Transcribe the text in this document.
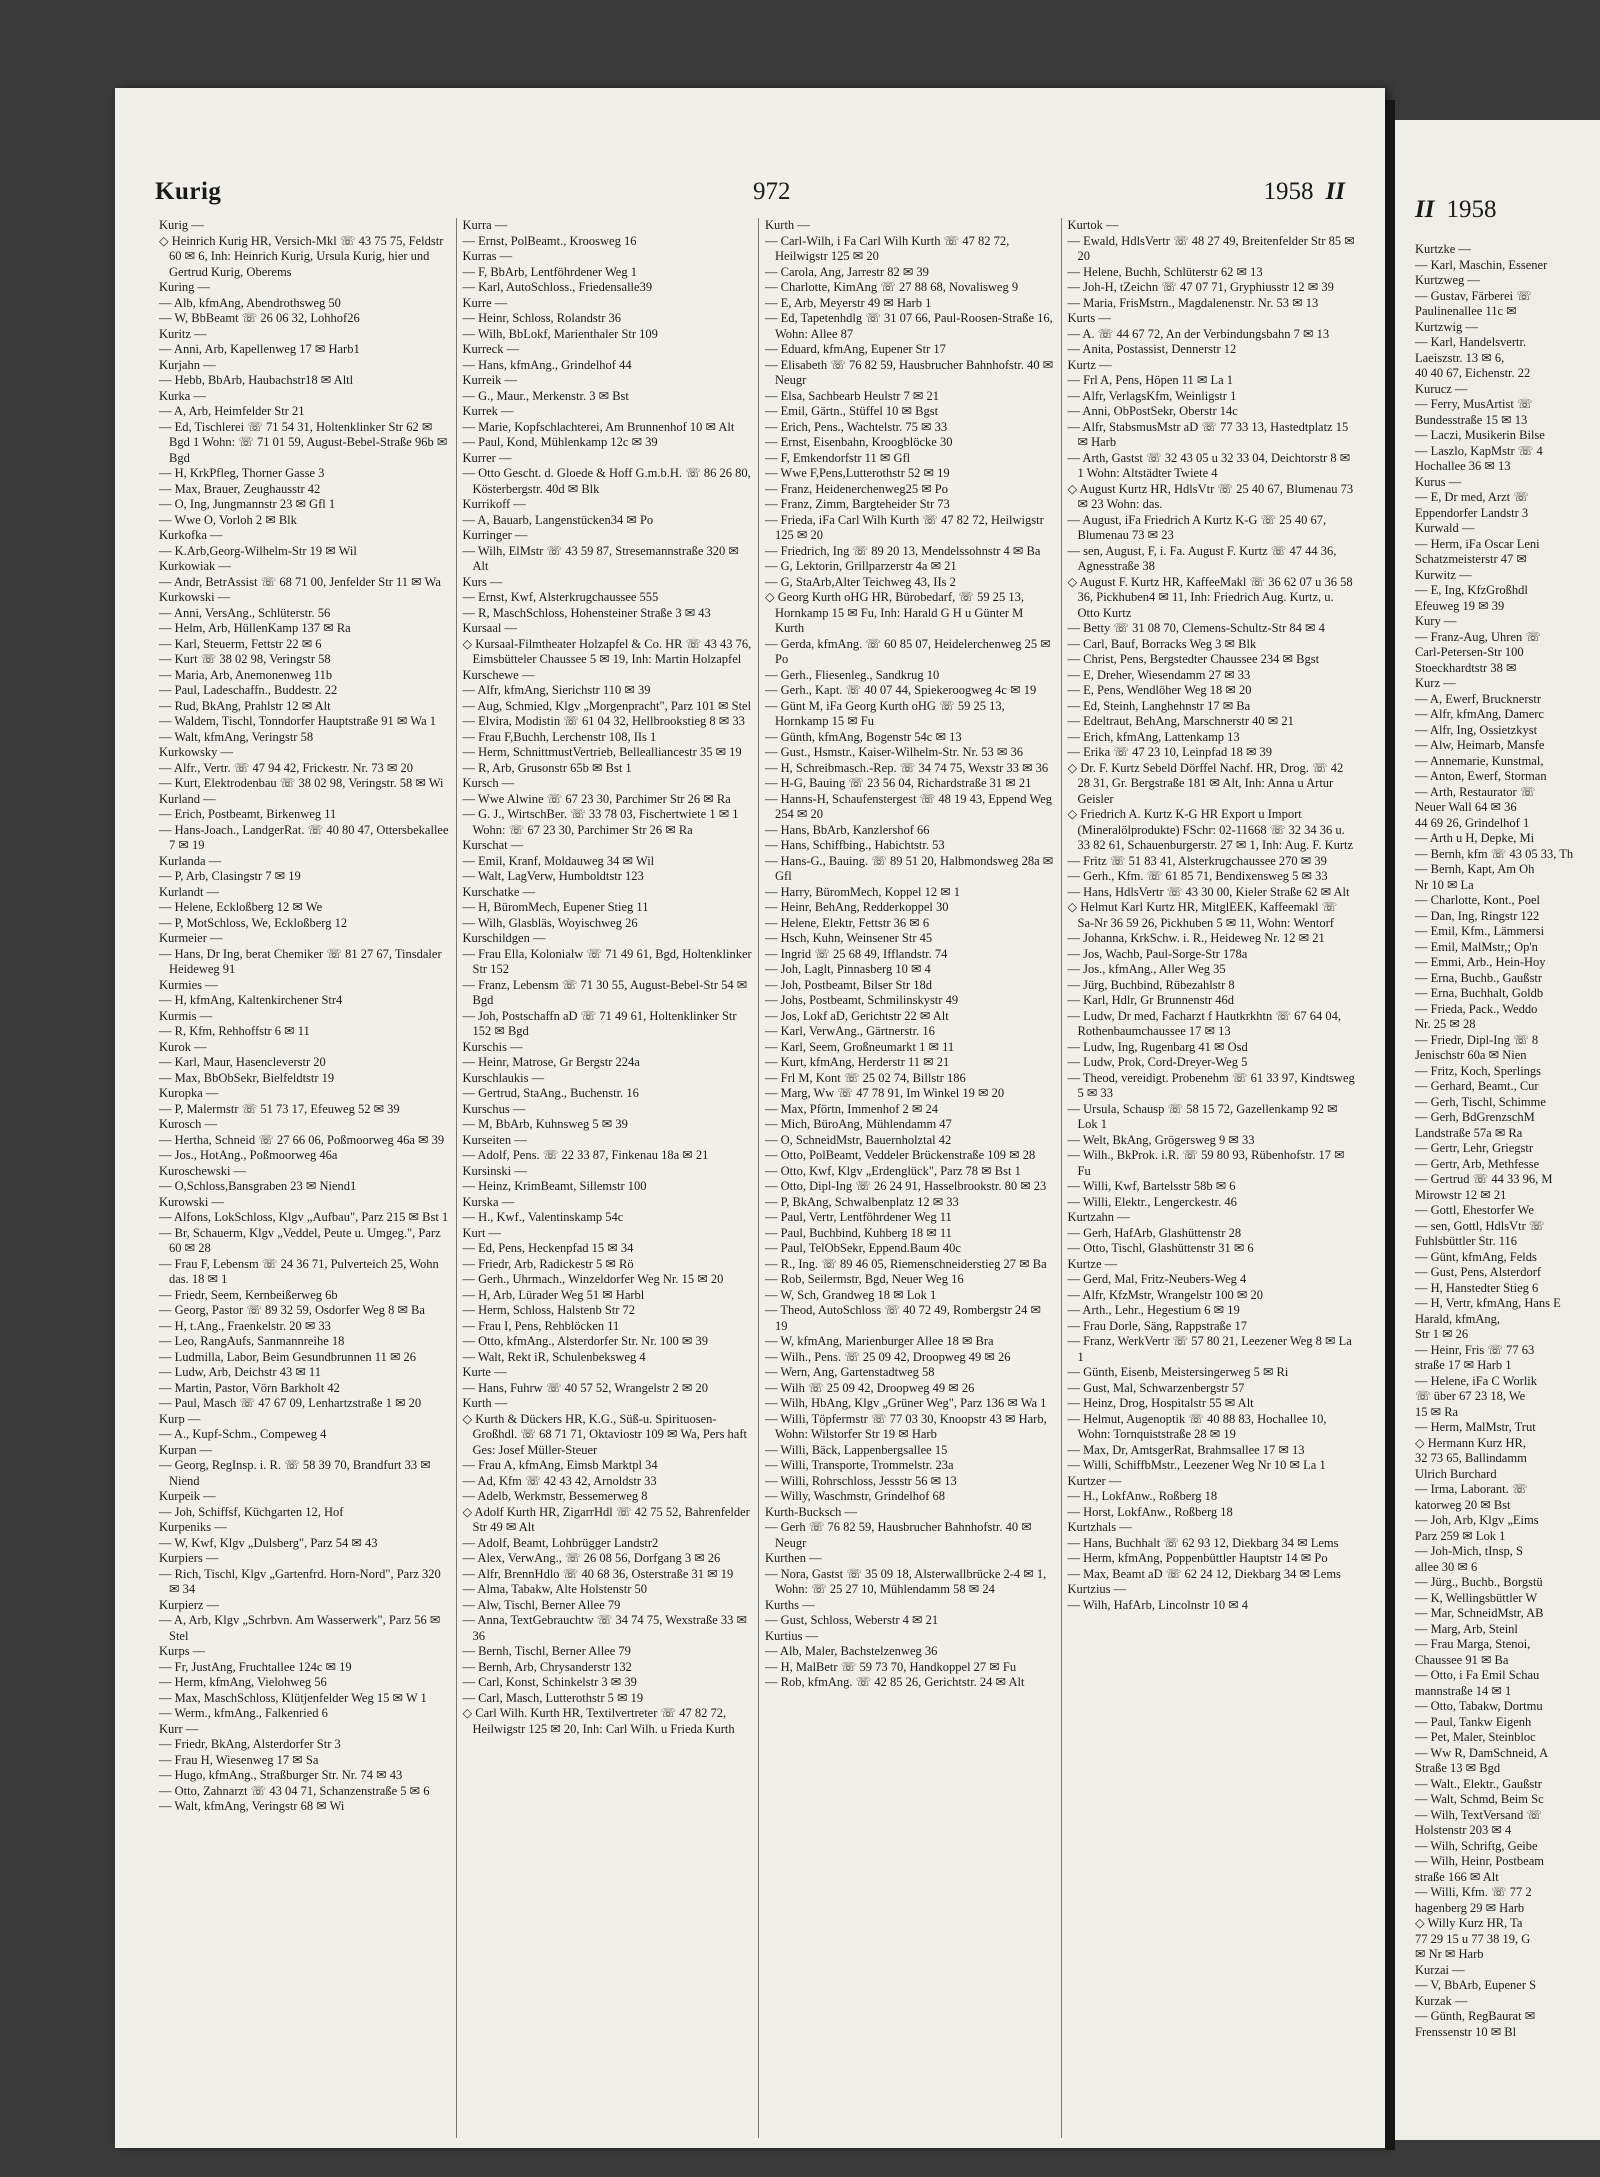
Kurig	972	1958 II

Kurig —

◇ Heinrich Kurig HR, Versich-Mkl ☏ 43 75 75, Feldstr 60 ✉ 6, Inh: Heinrich Kurig, Ursula Kurig, hier und Gertrud Kurig, Oberems

Kuring —

— Alb, kfmAng, Abendrothsweg 50

— W, BbBeamt ☏ 26 06 32, Lohhof26

Kuritz —

— Anni, Arb, Kapellenweg 17 ✉ Harb1

Kurjahn —

— Hebb, BbArb, Haubachstr18 ✉ Altl

Kurka —

— A, Arb, Heimfelder Str 21

— Ed, Tischlerei ☏ 71 54 31, Holtenklinker Str 62 ✉ Bgd 1 Wohn: ☏ 71 01 59, August-Bebel-Straße 96b ✉ Bgd

— H, KrkPfleg, Thorner Gasse 3

— Max, Brauer, Zeughausstr 42

— O, Ing, Jungmannstr 23 ✉ Gfl 1

— Wwe O, Vorloh 2 ✉ Blk

Kurkofka —

— K.Arb,Georg-Wilhelm-Str 19 ✉ Wil

Kurkowiak —

— Andr, BetrAssist ☏ 68 71 00, Jenfelder Str 11 ✉ Wa

Kurkowski —

— Anni, VersAng., Schlüterstr. 56

— Helm, Arb, HüllenKamp 137 ✉ Ra

— Karl, Steuerm, Fettstr 22 ✉ 6

— Kurt ☏ 38 02 98, Veringstr 58

— Maria, Arb, Anemonenweg 11b

— Paul, Ladeschaffn., Buddestr. 22

— Rud, BkAng, Prahlstr 12 ✉ Alt

— Waldem, Tischl, Tonndorfer Hauptstraße 91 ✉ Wa 1

— Walt, kfmAng, Veringstr 58

Kurkowsky —

— Alfr., Vertr. ☏ 47 94 42, Frickestr. Nr. 73 ✉ 20

— Kurt, Elektrodenbau ☏ 38 02 98, Veringstr. 58 ✉ Wi

Kurland —

— Erich, Postbeamt, Birkenweg 11

— Hans-Joach., LandgerRat. ☏ 40 80 47, Ottersbekallee 7 ✉ 19

Kurlanda —

— P, Arb, Clasingstr 7 ✉ 19

Kurlandt —

— Helene, Eckloßberg 12 ✉ We

— P, MotSchloss, We, Eckloßberg 12

Kurmeier —

— Hans, Dr Ing, berat Chemiker ☏ 81 27 67, Tinsdaler Heideweg 91

Kurmies —

— H, kfmAng, Kaltenkirchener Str4

Kurmis —

— R, Kfm, Rehhoffstr 6 ✉ 11

Kurok —

— Karl, Maur, Hasencleverstr 20

— Max, BbObSekr, Bielfeldtstr 19

Kuropka —

— P, Malermstr ☏ 51 73 17, Efeuweg 52 ✉ 39

Kurosch —

— Hertha, Schneid ☏ 27 66 06, Poßmoorweg 46a ✉ 39

— Jos., HotAng., Poßmoorweg 46a

Kuroschewski —

— O,Schloss,Bansgraben 23 ✉ Niend1

Kurowski —

— Alfons, LokSchloss, Klgv „Aufbau", Parz 215 ✉ Bst 1

— Br, Schauerm, Klgv „Veddel, Peute u. Umgeg.", Parz 60 ✉ 28

— Frau F, Lebensm ☏ 24 36 71, Pulverteich 25, Wohn das. 18 ✉ 1

— Friedr, Seem, Kernbeißerweg 6b

— Georg, Pastor ☏ 89 32 59, Osdorfer Weg 8 ✉ Ba

— H, t.Ang., Fraenkelstr. 20 ✉ 33

— Leo, RangAufs, Sanmannreihe 18

— Ludmilla, Labor, Beim Gesundbrunnen 11 ✉ 26

— Ludw, Arb, Deichstr 43 ✉ 11

— Martin, Pastor, Vörn Barkholt 42

— Paul, Masch ☏ 47 67 09, Lenhartzstraße 1 ✉ 20

Kurp —

— A., Kupf-Schm., Compeweg 4

Kurpan —

— Georg, RegInsp. i. R. ☏ 58 39 70, Brandfurt 33 ✉ Niend

Kurpeik —

— Joh, Schiffsf, Küchgarten 12, Hof

Kurpeniks —

— W, Kwf, Klgv „Dulsberg", Parz 54 ✉ 43

Kurpiers —

— Rich, Tischl, Klgv „Gartenfrd. Horn-Nord", Parz 320 ✉ 34

Kurpierz —

— A, Arb, Klgv „Schrbvn. Am Wasserwerk", Parz 56 ✉ Stel

Kurps —

— Fr, JustAng, Fruchtallee 124c ✉ 19

— Herm, kfmAng, Vielohweg 56

— Max, MaschSchloss, Klütjenfelder Weg 15 ✉ W 1

— Werm., kfmAng., Falkenried 6

Kurr —

— Friedr, BkAng, Alsterdorfer Str 3

— Frau H, Wiesenweg 17 ✉ Sa

— Hugo, kfmAng., Straßburger Str. Nr. 74 ✉ 43

— Otto, Zahnarzt ☏ 43 04 71, Schanzenstraße 5 ✉ 6

— Walt, kfmAng, Veringstr 68 ✉ Wi

Kurra —

— Ernst, PolBeamt., Kroosweg 16

Kurras —

— F, BbArb, Lentföhrdener Weg 1

— Karl, AutoSchloss., Friedensalle39

Kurre —

— Heinr, Schloss, Rolandstr 36

— Wilh, BbLokf, Marienthaler Str 109

Kurreck —

— Hans, kfmAng., Grindelhof 44

Kurreik —

— G., Maur., Merkenstr. 3 ✉ Bst

Kurrek —

— Marie, Kopfschlachterei, Am Brunnenhof 10 ✉ Alt

— Paul, Kond, Mühlenkamp 12c ✉ 39

Kurrer —

— Otto Gescht. d. Gloede & Hoff G.m.b.H. ☏ 86 26 80, Kösterbergstr. 40d ✉ Blk

Kurrikoff —

— A, Bauarb, Langenstücken34 ✉ Po

Kurringer —

— Wilh, ElMstr ☏ 43 59 87, Stresemannstraße 320 ✉ Alt

Kurs —

— Ernst, Kwf, Alsterkrugchaussee 555

— R, MaschSchloss, Hohensteiner Straße 3 ✉ 43

Kursaal —

◇ Kursaal-Filmtheater Holzapfel & Co. HR ☏ 43 43 76, Eimsbütteler Chaussee 5 ✉ 19, Inh: Martin Holzapfel

Kurschewe —

— Alfr, kfmAng, Sierichstr 110 ✉ 39

— Aug, Schmied, Klgv „Morgenpracht", Parz 101 ✉ Stel

— Elvira, Modistin ☏ 61 04 32, Hellbrookstieg 8 ✉ 33

— Frau F,Buchh, Lerchenstr 108, IIs 1

— Herm, SchnittmustVertrieb, Bellealliancestr 35 ✉ 19

— R, Arb, Grusonstr 65b ✉ Bst 1

Kursch —

— Wwe Alwine ☏ 67 23 30, Parchimer Str 26 ✉ Ra

— G. J., WirtschBer. ☏ 33 78 03, Fischertwiete 1 ✉ 1 Wohn: ☏ 67 23 30, Parchimer Str 26 ✉ Ra

Kurschat —

— Emil, Kranf, Moldauweg 34 ✉ Wil

— Walt, LagVerw, Humboldtstr 123

Kurschatke —

— H, BüromMech, Eupener Stieg 11

— Wilh, Glasbläs, Woyischweg 26

Kurschildgen —

— Frau Ella, Kolonialw ☏ 71 49 61, Bgd, Holtenklinker Str 152

— Franz, Lebensm ☏ 71 30 55, August-Bebel-Str 54 ✉ Bgd

— Joh, Postschaffn aD ☏ 71 49 61, Holtenklinker Str 152 ✉ Bgd

Kurschis —

— Heinr, Matrose, Gr Bergstr 224a

Kurschlaukis —

— Gertrud, StaAng., Buchenstr. 16

Kurschus —

— M, BbArb, Kuhnsweg 5 ✉ 39

Kurseiten —

— Adolf, Pens. ☏ 22 33 87, Finkenau 18a ✉ 21

Kursinski —

— Heinz, KrimBeamt, Sillemstr 100

Kurska —

— H., Kwf., Valentinskamp 54c

Kurt —

— Ed, Pens, Heckenpfad 15 ✉ 34

— Friedr, Arb, Radickestr 5 ✉ Rö

— Gerh., Uhrmach., Winzeldorfer Weg Nr. 15 ✉ 20

— H, Arb, Lürader Weg 51 ✉ Harbl

— Herm, Schloss, Halstenb Str 72

— Frau I, Pens, Rehblöcken 11

— Otto, kfmAng., Alsterdorfer Str. Nr. 100 ✉ 39

— Walt, Rekt iR, Schulenbeksweg 4

Kurte —

— Hans, Fuhrw ☏ 40 57 52, Wrangelstr 2 ✉ 20

Kurth —

◇ Kurth & Dückers HR, K.G., Süß-u. Spirituosen-Großhdl. ☏ 68 71 71, Oktaviostr 109 ✉ Wa, Pers haft Ges: Josef Müller-Steuer

— Frau A, kfmAng, Eimsb Marktpl 34

— Ad, Kfm ☏ 42 43 42, Arnoldstr 33

— Adelb, Werkmstr, Bessemerweg 8

◇ Adolf Kurth HR, ZigarrHdl ☏ 42 75 52, Bahrenfelder Str 49 ✉ Alt

— Adolf, Beamt, Lohbrügger Landstr2

— Alex, VerwAng., ☏ 26 08 56, Dorfgang 3 ✉ 26

— Alfr, BrennHdlo ☏ 40 68 36, Osterstraße 31 ✉ 19

— Alma, Tabakw, Alte Holstenstr 50

— Alw, Tischl, Berner Allee 79

— Anna, TextGebrauchtw ☏ 34 74 75, Wexstraße 33 ✉ 36

— Bernh, Tischl, Berner Allee 79

— Bernh, Arb, Chrysanderstr 132

— Carl, Konst, Schinkelstr 3 ✉ 39

— Carl, Masch, Lutterothstr 5 ✉ 19

◇ Carl Wilh. Kurth HR, Textilvertreter ☏ 47 82 72, Heilwigstr 125 ✉ 20, Inh: Carl Wilh. u Frieda Kurth

Kurth —

— Carl-Wilh, i Fa Carl Wilh Kurth ☏ 47 82 72, Heilwigstr 125 ✉ 20

— Carola, Ang, Jarrestr 82 ✉ 39

— Charlotte, KimAng ☏ 27 88 68, Novalisweg 9

— E, Arb, Meyerstr 49 ✉ Harb 1

— Ed, Tapetenhdlg ☏ 31 07 66, Paul-Roosen-Straße 16, Wohn: Allee 87

— Eduard, kfmAng, Eupener Str 17

— Elisabeth ☏ 76 82 59, Hausbrucher Bahnhofstr. 40 ✉ Neugr

— Elsa, Sachbearb Heulstr 7 ✉ 21

— Emil, Gärtn., Stüffel 10 ✉ Bgst

— Erich, Pens., Wachtelstr. 75 ✉ 33

— Ernst, Eisenbahn, Kroogblöcke 30

— F, Emkendorfstr 11 ✉ Gfl

— Wwe F,Pens,Lutterothstr 52 ✉ 19

— Franz, Heidenerchenweg25 ✉ Po

— Franz, Zimm, Bargteheider Str 73

— Frieda, iFa Carl Wilh Kurth ☏ 47 82 72, Heilwigstr 125 ✉ 20

— Friedrich, Ing ☏ 89 20 13, Mendelssohnstr 4 ✉ Ba

— G, Lektorin, Grillparzerstr 4a ✉ 21

— G, StaArb,Alter Teichweg 43, IIs 2

◇ Georg Kurth oHG HR, Bürobedarf, ☏ 59 25 13, Hornkamp 15 ✉ Fu, Inh: Harald G H u Günter M Kurth

— Gerda, kfmAng. ☏ 60 85 07, Heidelerchenweg 25 ✉ Po

— Gerh., Fliesenleg., Sandkrug 10

— Gerh., Kapt. ☏ 40 07 44, Spiekeroogweg 4c ✉ 19

— Günt M, iFa Georg Kurth oHG ☏ 59 25 13, Hornkamp 15 ✉ Fu

— Günth, kfmAng, Bogenstr 54c ✉ 13

— Gust., Hsmstr., Kaiser-Wilhelm-Str. Nr. 53 ✉ 36

— H, Schreibmasch.-Rep. ☏ 34 74 75, Wexstr 33 ✉ 36

— H-G, Bauing ☏ 23 56 04, Richardstraße 31 ✉ 21

— Hanns-H, Schaufenstergest ☏ 48 19 43, Eppend Weg 254 ✉ 20

— Hans, BbArb, Kanzlershof 66

— Hans, Schiffbing., Habichtstr. 53

— Hans-G., Bauing. ☏ 89 51 20, Halbmondsweg 28a ✉ Gfl

— Harry, BüromMech, Koppel 12 ✉ 1

— Heinr, BehAng, Redderkoppel 30

— Helene, Elektr, Fettstr 36 ✉ 6

— Hsch, Kuhn, Weinsener Str 45

— Ingrid ☏ 25 68 49, Ifflandstr. 74

— Joh, Laglt, Pinnasberg 10 ✉ 4

— Joh, Postbeamt, Bilser Str 18d

— Johs, Postbeamt, Schmilinskystr 49

— Jos, Lokf aD, Gerichtstr 22 ✉ Alt

— Karl, VerwAng., Gärtnerstr. 16

— Karl, Seem, Großneumarkt 1 ✉ 11

— Kurt, kfmAng, Herderstr 11 ✉ 21

— Frl M, Kont ☏ 25 02 74, Billstr 186

— Marg, Ww ☏ 47 78 91, Im Winkel 19 ✉ 20

— Max, Pförtn, Immenhof 2 ✉ 24

— Mich, BüroAng, Mühlendamm 47

— O, SchneidMstr, Bauernholztal 42

— Otto, PolBeamt, Veddeler Brückenstraße 109 ✉ 28

— Otto, Kwf, Klgv „Erdenglück", Parz 78 ✉ Bst 1

— Otto, Dipl-Ing ☏ 26 24 91, Hasselbrookstr. 80 ✉ 23

— P, BkAng, Schwalbenplatz 12 ✉ 33

— Paul, Vertr, Lentföhrdener Weg 11

— Paul, Buchbind, Kuhberg 18 ✉ 11

— Paul, TelObSekr, Eppend.Baum 40c

— R., Ing. ☏ 89 46 05, Riemenschneiderstieg 27 ✉ Ba

— Rob, Seilermstr, Bgd, Neuer Weg 16

— W, Sch, Grandweg 18 ✉ Lok 1

— Theod, AutoSchloss ☏ 40 72 49, Rombergstr 24 ✉ 19

— W, kfmAng, Marienburger Allee 18 ✉ Bra

— Wilh., Pens. ☏ 25 09 42, Droopweg 49 ✉ 26

— Wern, Ang, Gartenstadtweg 58

— Wilh ☏ 25 09 42, Droopweg 49 ✉ 26

— Wilh, HbAng, Klgv „Grüner Weg", Parz 136 ✉ Wa 1

— Willi, Töpfermstr ☏ 77 03 30, Knoopstr 43 ✉ Harb, Wohn: Wilstorfer Str 19 ✉ Harb

— Willi, Bäck, Lappenbergsallee 15

— Willi, Transporte, Trommelstr. 23a

— Willi, Rohrschloss, Jessstr 56 ✉ 13

— Willy, Waschmstr, Grindelhof 68

Kurth-Bucksch —

— Gerh ☏ 76 82 59, Hausbrucher Bahnhofstr. 40 ✉ Neugr

Kurthen —

— Nora, Gastst ☏ 35 09 18, Alsterwallbrücke 2-4 ✉ 1, Wohn: ☏ 25 27 10, Mühlendamm 58 ✉ 24

Kurths —

— Gust, Schloss, Weberstr 4 ✉ 21

Kurtius —

— Alb, Maler, Bachstelzenweg 36

— H, MalBetr ☏ 59 73 70, Handkoppel 27 ✉ Fu

— Rob, kfmAng. ☏ 42 85 26, Gerichtstr. 24 ✉ Alt

Kurtok —

— Ewald, HdlsVertr ☏ 48 27 49, Breitenfelder Str 85 ✉ 20

— Helene, Buchh, Schlüterstr 62 ✉ 13

— Joh-H, tZeichn ☏ 47 07 71, Gryphiusstr 12 ✉ 39

— Maria, FrisMstrn., Magdalenenstr. Nr. 53 ✉ 13

Kurts —

— A. ☏ 44 67 72, An der Verbindungsbahn 7 ✉ 13

— Anita, Postassist, Dennerstr 12

Kurtz —

— Frl A, Pens, Höpen 11 ✉ La 1

— Alfr, VerlagsKfm, Weinligstr 1

— Anni, ObPostSekr, Oberstr 14c

— Alfr, StabsmusMstr aD ☏ 77 33 13, Hastedtplatz 15 ✉ Harb

— Arth, Gastst ☏ 32 43 05 u 32 33 04, Deichtorstr 8 ✉ 1 Wohn: Altstädter Twiete 4

◇ August Kurtz HR, HdlsVtr ☏ 25 40 67, Blumenau 73 ✉ 23 Wohn: das.

— August, iFa Friedrich A Kurtz K-G ☏ 25 40 67, Blumenau 73 ✉ 23

— sen, August, F, i. Fa. August F. Kurtz ☏ 47 44 36, Agnesstraße 38

◇ August F. Kurtz HR, KaffeeMakl ☏ 36 62 07 u 36 58 36, Pickhuben4 ✉ 11, Inh: Friedrich Aug. Kurtz, u. Otto Kurtz

— Betty ☏ 31 08 70, Clemens-Schultz-Str 84 ✉ 4

— Carl, Bauf, Borracks Weg 3 ✉ Blk

— Christ, Pens, Bergstedter Chaussee 234 ✉ Bgst

— E, Dreher, Wiesendamm 27 ✉ 33

— E, Pens, Wendlöher Weg 18 ✉ 20

— Ed, Steinh, Langhehnstr 17 ✉ Ba

— Edeltraut, BehAng, Marschnerstr 40 ✉ 21

— Erich, kfmAng, Lattenkamp 13

— Erika ☏ 47 23 10, Leinpfad 18 ✉ 39

◇ Dr. F. Kurtz Sebeld Dörffel Nachf. HR, Drog. ☏ 42 28 31, Gr. Bergstraße 181 ✉ Alt, Inh: Anna u Artur Geisler

◇ Friedrich A. Kurtz K-G HR Export u Import (Mineralölprodukte) FSchr: 02-11668 ☏ 32 34 36 u. 33 82 61, Schauenburgerstr. 27 ✉ 1, Inh: Aug. F. Kurtz

— Fritz ☏ 51 83 41, Alsterkrugchaussee 270 ✉ 39

— Gerh., Kfm. ☏ 61 85 71, Bendixensweg 5 ✉ 33

— Hans, HdlsVertr ☏ 43 30 00, Kieler Straße 62 ✉ Alt

◇ Helmut Karl Kurtz HR, MitglEEK, Kaffeemakl ☏ Sa-Nr 36 59 26, Pickhuben 5 ✉ 11, Wohn: Wentorf

— Johanna, KrkSchw. i. R., Heideweg Nr. 12 ✉ 21

— Jos, Wachb, Paul-Sorge-Str 178a

— Jos., kfmAng., Aller Weg 35

— Jürg, Buchbind, Rübezahlstr 8

— Karl, Hdlr, Gr Brunnenstr 46d

— Ludw, Dr med, Facharzt f Hautkrkhtn ☏ 67 64 04, Rothenbaumchaussee 17 ✉ 13

— Ludw, Ing, Rugenbarg 41 ✉ Osd

— Ludw, Prok, Cord-Dreyer-Weg 5

— Theod, vereidigt. Probenehm ☏ 61 33 97, Kindtsweg 5 ✉ 33

— Ursula, Schausp ☏ 58 15 72, Gazellenkamp 92 ✉ Lok 1

— Welt, BkAng, Grögersweg 9 ✉ 33

— Wilh., BkProk. i.R. ☏ 59 80 93, Rübenhofstr. 17 ✉ Fu

— Willi, Kwf, Bartelsstr 58b ✉ 6

— Willi, Elektr., Lengerckestr. 46

Kurtzahn —

— Gerh, HafArb, Glashüttenstr 28

— Otto, Tischl, Glashüttenstr 31 ✉ 6

Kurtze —

— Gerd, Mal, Fritz-Neubers-Weg 4

— Alfr, KfzMstr, Wrangelstr 100 ✉ 20

— Arth., Lehr., Hegestium 6 ✉ 19

— Frau Dorle, Säng, Rappstraße 17

— Franz, WerkVertr ☏ 57 80 21, Leezener Weg 8 ✉ La 1

— Günth, Eisenb, Meistersingerweg 5 ✉ Ri

— Gust, Mal, Schwarzenbergstr 57

— Heinz, Drog, Hospitalstr 55 ✉ Alt

— Helmut, Augenoptik ☏ 40 88 83, Hochallee 10, Wohn: Tornquiststraße 28 ✉ 19

— Max, Dr, AmtsgerRat, Brahmsallee 17 ✉ 13

— Willi, SchiffbMstr., Leezener Weg Nr 10 ✉ La 1

Kurtzer —

— H., LokfAnw., Roßberg 18

— Horst, LokfAnw., Roßberg 18

Kurtzhals —

— Hans, Buchhalt ☏ 62 93 12, Diekbarg 34 ✉ Lems

— Herm, kfmAng, Poppenbüttler Hauptstr 14 ✉ Po

— Max, Beamt aD ☏ 62 24 12, Diekbarg 34 ✉ Lems

Kurtzius —

— Wilh, HafArb, Lincolnstr 10 ✉ 4

II 1958
Kurtzke —
— Karl, Maschin, Essener
Kurtzweg —
— Gustav, Färberei ☏
Paulinenallee 11c ✉
Kurtzwig —
— Karl, Handelsvertr.
Laeiszstr. 13 ✉ 6,
40 40 67, Eichenstr. 22
Kurucz —
— Ferry, MusArtist ☏
Bundesstraße 15 ✉ 13
— Laczi, Musikerin Bilse
— Laszlo, KapMstr ☏ 4
Hochallee 36 ✉ 13
Kurus —
— E, Dr med, Arzt ☏
Eppendorfer Landstr 3
Kurwald —
— Herm, iFa Oscar Leni
Schatzmeisterstr 47 ✉
Kurwitz —
— E, Ing, KfzGroßhdl
Efeuweg 19 ✉ 39
Kury —
— Franz-Aug, Uhren ☏
Carl-Petersen-Str 100
Stoeckhardtstr 38 ✉
Kurz —
— A, Ewerf, Brucknerstr
— Alfr, kfmAng, Damerc
— Alfr, Ing, Ossietzkyst
— Alw, Heimarb, Mansfe
— Annemarie, Kunstmal,
— Anton, Ewerf, Storman
— Arth, Restaurator ☏
Neuer Wall 64 ✉ 36
44 69 26, Grindelhof 1
— Arth u H, Depke, Mi
— Bernh, kfm ☏ 43 05 33, Th
— Bernh, Kapt, Am Oh
Nr 10 ✉ La
— Charlotte, Kont., Poel
— Dan, Ing, Ringstr 122
— Emil, Kfm., Lämmersi
— Emil, MalMstr,; Op'n
— Emmi, Arb., Hein-Hoy
— Erna, Buchb., Gaußstr
— Erna, Buchhalt, Goldb
— Frieda, Pack., Weddo
Nr. 25 ✉ 28
— Friedr, Dipl-Ing ☏ 8
Jenischstr 60a ✉ Nien
— Fritz, Koch, Sperlings
— Gerhard, Beamt., Cur
— Gerh, Tischl, Schimme
— Gerh, BdGrenzschM
Landstraße 57a ✉ Ra
— Gertr, Lehr, Griegstr
— Gertr, Arb, Methfesse
— Gertrud ☏ 44 33 96, M
Mirowstr 12 ✉ 21
— Gottl, Ehestorfer We
— sen, Gottl, HdlsVtr ☏
Fuhlsbüttler Str. 116
— Günt, kfmAng, Felds
— Gust, Pens, Alsterdorf
— H, Hanstedter Stieg 6
— H, Vertr, kfmAng, Hans E
Harald, kfmAng,
Str 1 ✉ 26
— Heinr, Fris ☏ 77 63
straße 17 ✉ Harb 1
— Helene, iFa C Worlik
☏ über 67 23 18, We
15 ✉ Ra
— Herm, MalMstr, Trut
◇ Hermann Kurz HR,
32 73 65, Ballindamm
Ulrich Burchard
— Irma, Laborant. ☏
katorweg 20 ✉ Bst
— Joh, Arb, Klgv „Eims
Parz 259 ✉ Lok 1
— Joh-Mich, tInsp, S
allee 30 ✉ 6
— Jürg., Buchb., Borgstü
— K, Wellingsbüttler W
— Mar, SchneidMstr, AB
— Marg, Arb, Steinl
— Frau Marga, Stenoi,
Chaussee 91 ✉ Ba
— Otto, i Fa Emil Schau
mannstraße 14 ✉ 1
— Otto, Tabakw, Dortmu
— Paul, Tankw Eigenh
— Pet, Maler, Steinbloc
— Ww R, DamSchneid, A
Straße 13 ✉ Bgd
— Walt., Elektr., Gaußstr
— Walt, Schmd, Beim Sc
— Wilh, TextVersand ☏
Holstenstr 203 ✉ 4
— Wilh, Schriftg, Geibe
— Wilh, Heinr, Postbeam
straße 166 ✉ Alt
— Willi, Kfm. ☏ 77 2
hagenberg 29 ✉ Harb
◇ Willy Kurz HR, Ta
77 29 15 u 77 38 19, G
✉ Nr ✉ Harb
Kurzai —
— V, BbArb, Eupener S
Kurzak —
— Günth, RegBaurat ✉
Frenssenstr 10 ✉ Bl
